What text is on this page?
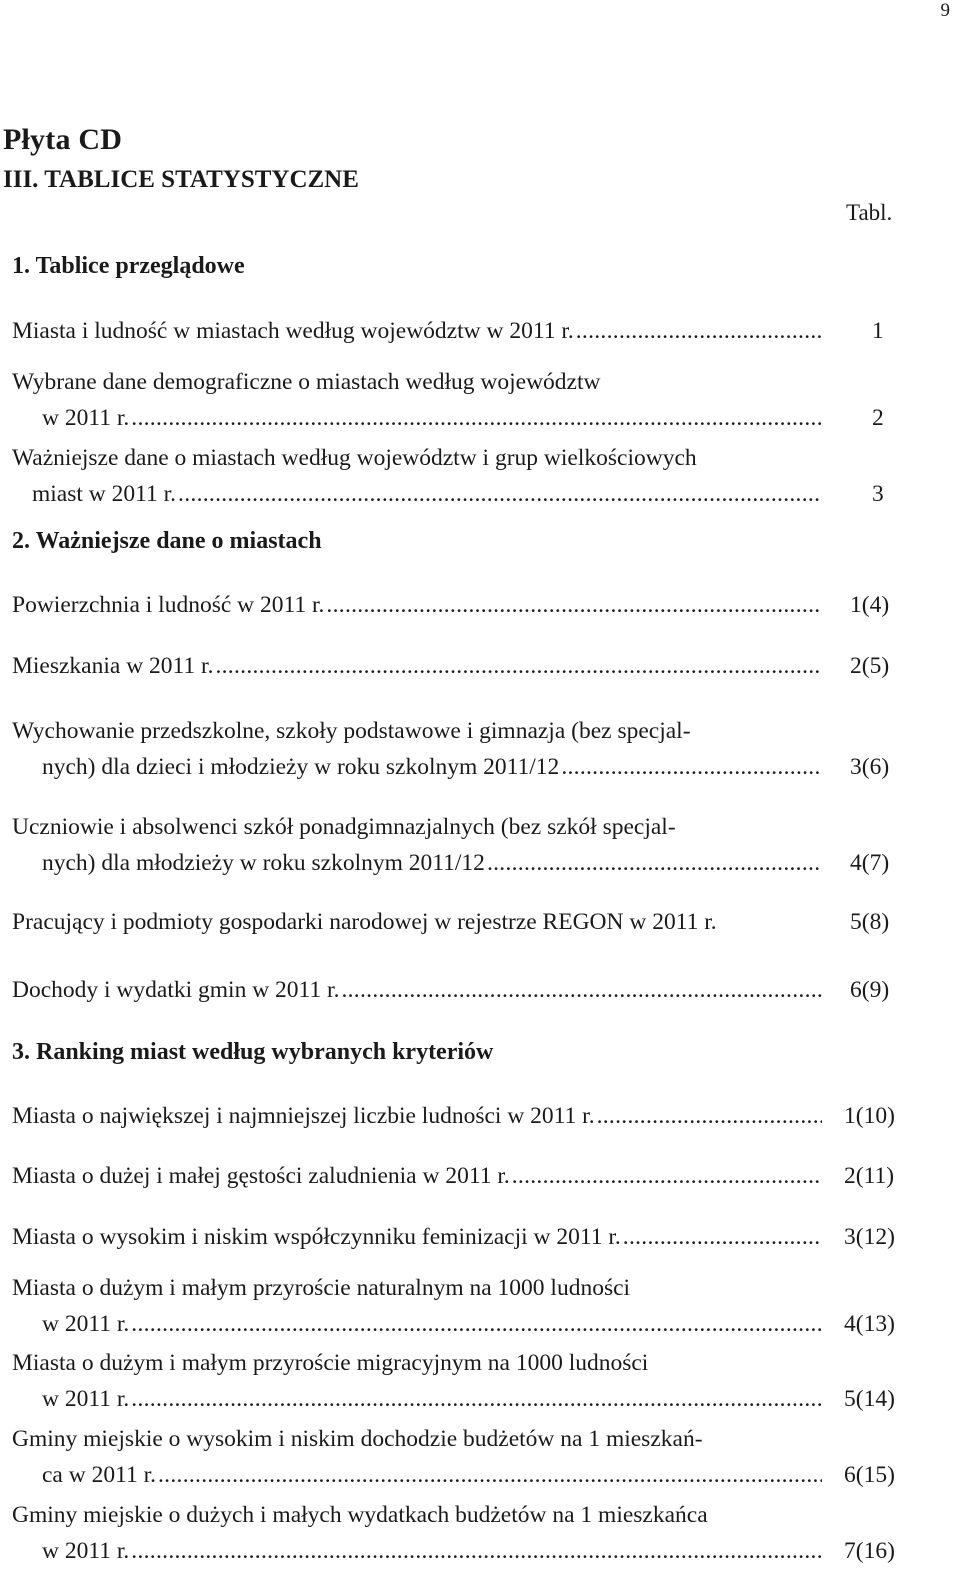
9
Płyta CD
III. TABLICE STATYSTYCZNE
Tabl.
1. Tablice przeglądowe
Miasta i ludność w miastach według województw w 2011 r. .....	1
Wybrane dane demograficzne o miastach według województw
w 2011 r. .....	2
Ważniejsze dane o miastach według województw i grup wielkościowych
miast w 2011 r. .....	3
2. Ważniejsze dane o miastach
Powierzchnia i ludność w 2011 r. .....	1(4)
Mieszkania w 2011 r. .....	2(5)
Wychowanie przedszkolne, szkoły podstawowe i gimnazja (bez specjal-
nych) dla dzieci i młodzieży w roku szkolnym 2011/12 .....	3(6)
Uczniowie i absolwenci szkół ponadgimnazjalnych (bez szkół specjal-
nych) dla młodzieży w roku szkolnym 2011/12 .....	4(7)
Pracujący i podmioty gospodarki narodowej w rejestrze REGON w 2011 r.	5(8)
Dochody i wydatki gmin w 2011 r. .....	6(9)
3. Ranking miast według wybranych kryteriów
Miasta o największej i najmniejszej liczbie ludności w 2011 r. .....	1(10)
Miasta o dużej i małej gęstości zaludnienia w 2011 r. .....	2(11)
Miasta o wysokim i niskim współczynniku feminizacji w 2011 r. .....	3(12)
Miasta o dużym i małym przyroście naturalnym na 1000 ludności
w 2011 r. .....	4(13)
Miasta o dużym i małym przyroście migracyjnym na 1000 ludności
w 2011 r. .....	5(14)
Gminy miejskie o wysokim i niskim dochodzie budżetów na 1 mieszkań-
ca w 2011 r. .....	6(15)
Gminy miejskie o dużych i małych wydatkach budżetów na 1 mieszkańca
w 2011 r. .....	7(16)
